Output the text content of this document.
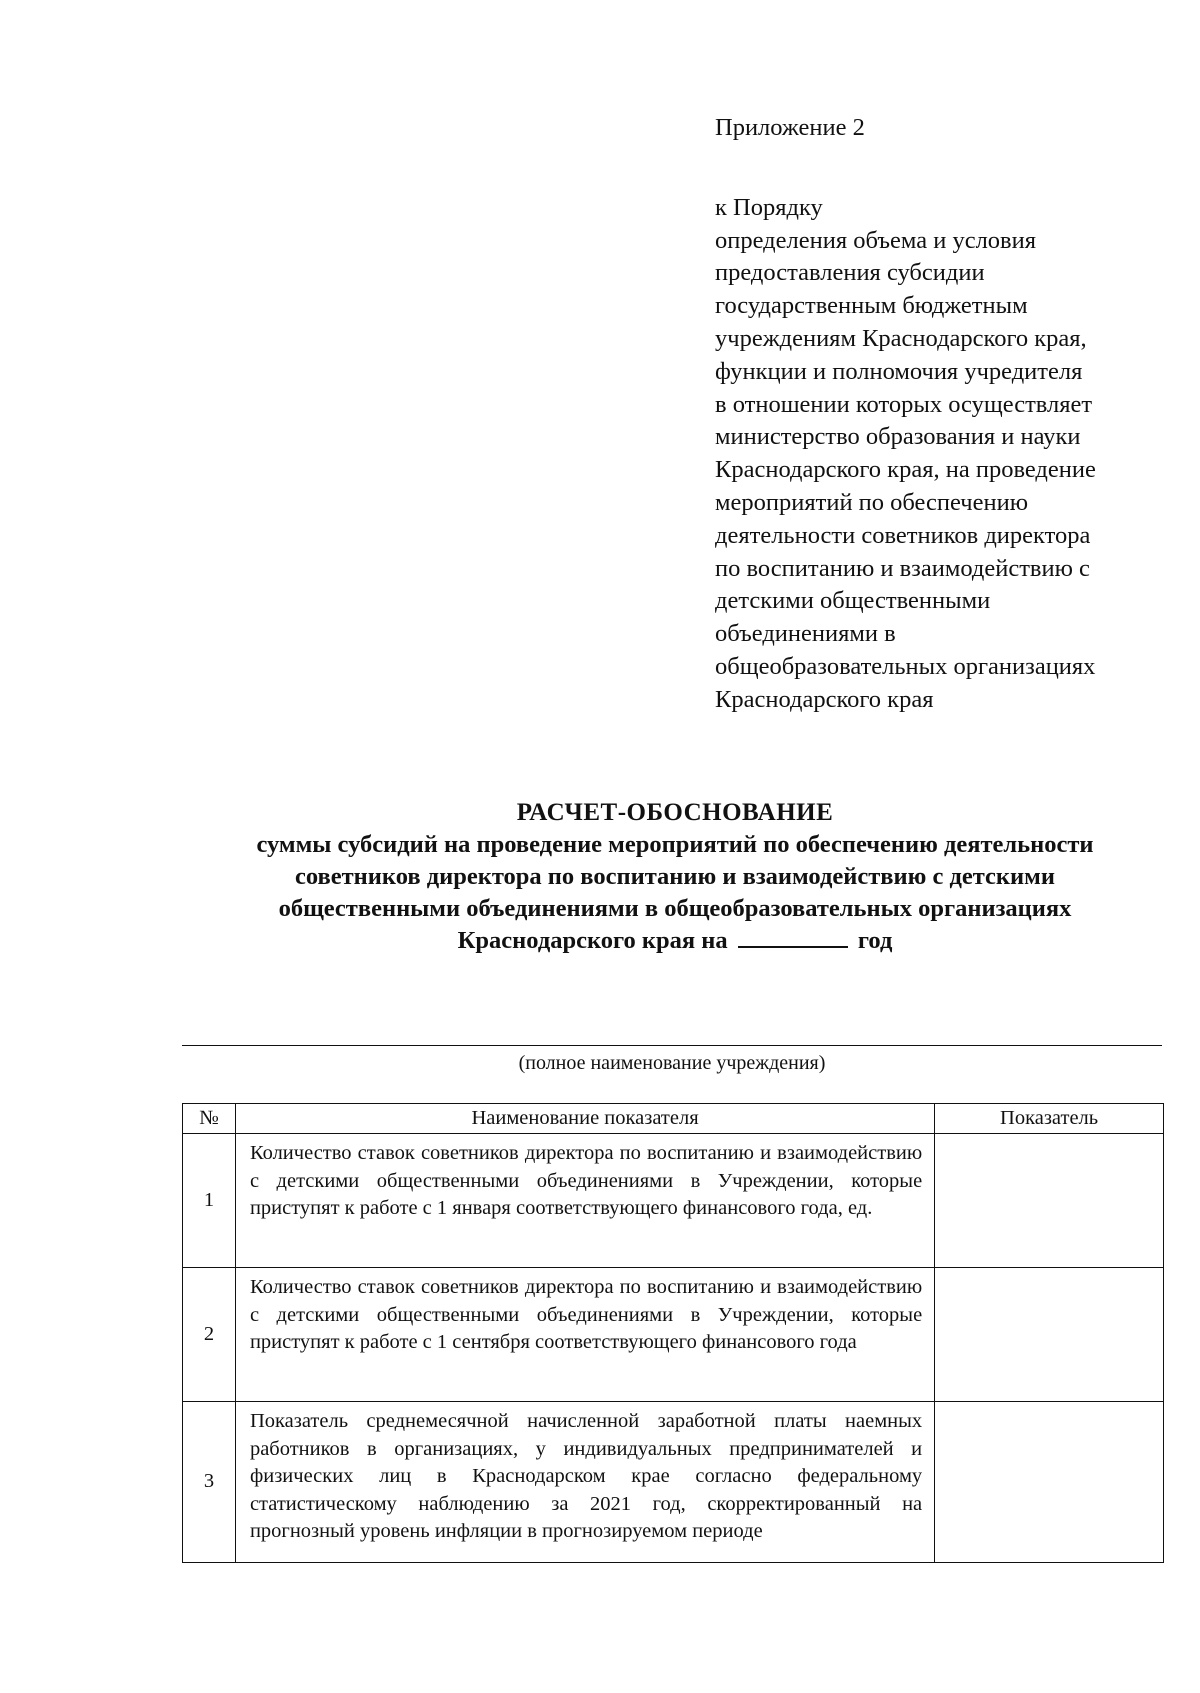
Приложение 2
к Порядку
определения объема и условия
предоставления субсидии
государственным бюджетным
учреждениям Краснодарского края,
функции и полномочия учредителя
в отношении которых осуществляет
министерство образования и науки
Краснодарского края, на проведение
мероприятий по обеспечению
деятельности советников директора
по воспитанию и взаимодействию с
детскими общественными
объединениями в
общеобразовательных организациях
Краснодарского края
РАСЧЕТ-ОБОСНОВАНИЕ
суммы субсидий на проведение мероприятий по обеспечению деятельности
советников директора по воспитанию и взаимодействию с детскими
общественными объединениями в общеобразовательных организациях
Краснодарского края на	год
(полное наименование учреждения)
№	Наименование показателя	Показатель
1	Количество ставок советников директора по воспитанию и взаимодействию с детскими общественными объединениями в Учреждении, которые приступят к работе с 1 января соответствующего финансового года, ед.	
2	Количество ставок советников директора по воспитанию и взаимодействию с детскими общественными объединениями в Учреждении, которые приступят к работе с 1 сентября соответствующего финансового года	
3	Показатель среднемесячной начисленной заработной платы наемных работников в организациях, у индивидуальных предпринимателей и физических лиц в Краснодарском крае согласно федеральному статистическому наблюдению за 2021 год, скорректированный на прогнозный уровень инфляции в прогнозируемом периоде	
